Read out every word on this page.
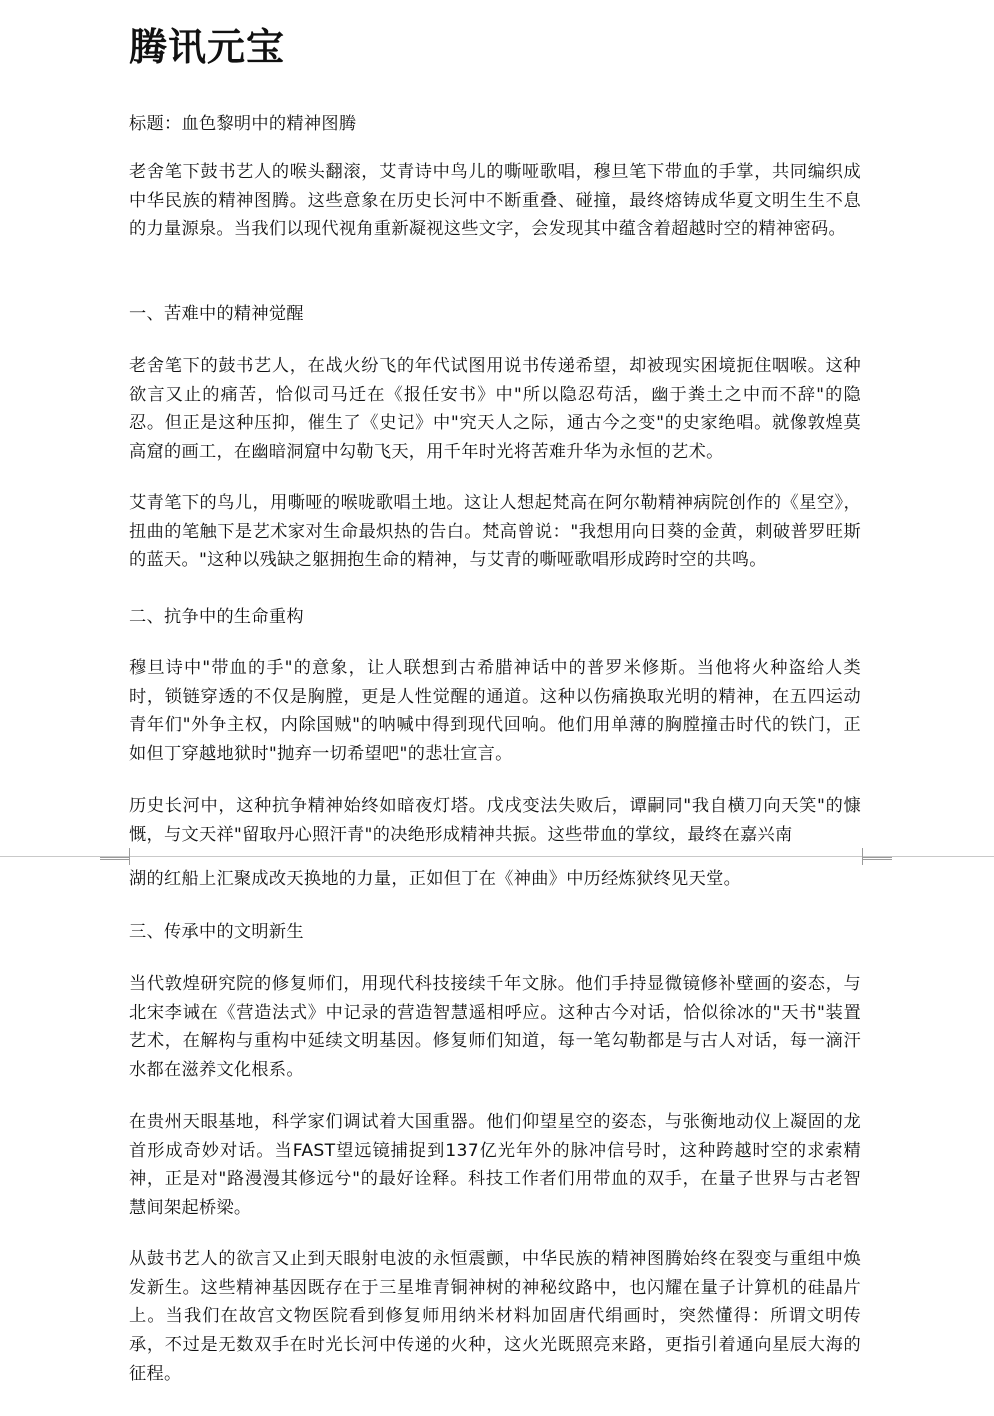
腾讯元宝

标题：血色黎明中的精神图腾

老舍笔下鼓书艺人的喉头翻滚，艾青诗中鸟儿的嘶哑歌唱，穆旦笔下带血的手掌，共同编织成中华民族的精神图腾。这些意象在历史长河中不断重叠、碰撞，最终熔铸成华夏文明生生不息的力量源泉。当我们以现代视角重新凝视这些文字，会发现其中蕴含着超越时空的精神密码。

一、苦难中的精神觉醒

老舍笔下的鼓书艺人，在战火纷飞的年代试图用说书传递希望，却被现实困境扼住咽喉。这种欲言又止的痛苦，恰似司马迁在《报任安书》中"所以隐忍苟活，幽于粪土之中而不辞"的隐忍。但正是这种压抑，催生了《史记》中"究天人之际，通古今之变"的史家绝唱。就像敦煌莫高窟的画工，在幽暗洞窟中勾勒飞天，用千年时光将苦难升华为永恒的艺术。

艾青笔下的鸟儿，用嘶哑的喉咙歌唱土地。这让人想起梵高在阿尔勒精神病院创作的《星空》，扭曲的笔触下是艺术家对生命最炽热的告白。梵高曾说："我想用向日葵的金黄，刺破普罗旺斯的蓝天。"这种以残缺之躯拥抱生命的精神，与艾青的嘶哑歌唱形成跨时空的共鸣。

二、抗争中的生命重构

穆旦诗中"带血的手"的意象，让人联想到古希腊神话中的普罗米修斯。当他将火种盗给人类时，锁链穿透的不仅是胸膛，更是人性觉醒的通道。这种以伤痛换取光明的精神，在五四运动青年们"外争主权，内除国贼"的呐喊中得到现代回响。他们用单薄的胸膛撞击时代的铁门，正如但丁穿越地狱时"抛弃一切希望吧"的悲壮宣言。

历史长河中，这种抗争精神始终如暗夜灯塔。戊戌变法失败后，谭嗣同"我自横刀向天笑"的慷慨，与文天祥"留取丹心照汗青"的决绝形成精神共振。这些带血的掌纹，最终在嘉兴南

湖的红船上汇聚成改天换地的力量，正如但丁在《神曲》中历经炼狱终见天堂。

三、传承中的文明新生

当代敦煌研究院的修复师们，用现代科技接续千年文脉。他们手持显微镜修补壁画的姿态，与北宋李诫在《营造法式》中记录的营造智慧遥相呼应。这种古今对话，恰似徐冰的"天书"装置艺术，在解构与重构中延续文明基因。修复师们知道，每一笔勾勒都是与古人对话，每一滴汗水都在滋养文化根系。

在贵州天眼基地，科学家们调试着大国重器。他们仰望星空的姿态，与张衡地动仪上凝固的龙首形成奇妙对话。当FAST望远镜捕捉到137亿光年外的脉冲信号时，这种跨越时空的求索精神，正是对"路漫漫其修远兮"的最好诠释。科技工作者们用带血的双手，在量子世界与古老智慧间架起桥梁。

从鼓书艺人的欲言又止到天眼射电波的永恒震颤，中华民族的精神图腾始终在裂变与重组中焕发新生。这些精神基因既存在于三星堆青铜神树的神秘纹路中，也闪耀在量子计算机的硅晶片上。当我们在故宫文物医院看到修复师用纳米材料加固唐代绢画时，突然懂得：所谓文明传承，不过是无数双手在时光长河中传递的火种，这火光既照亮来路，更指引着通向星辰大海的征程。
